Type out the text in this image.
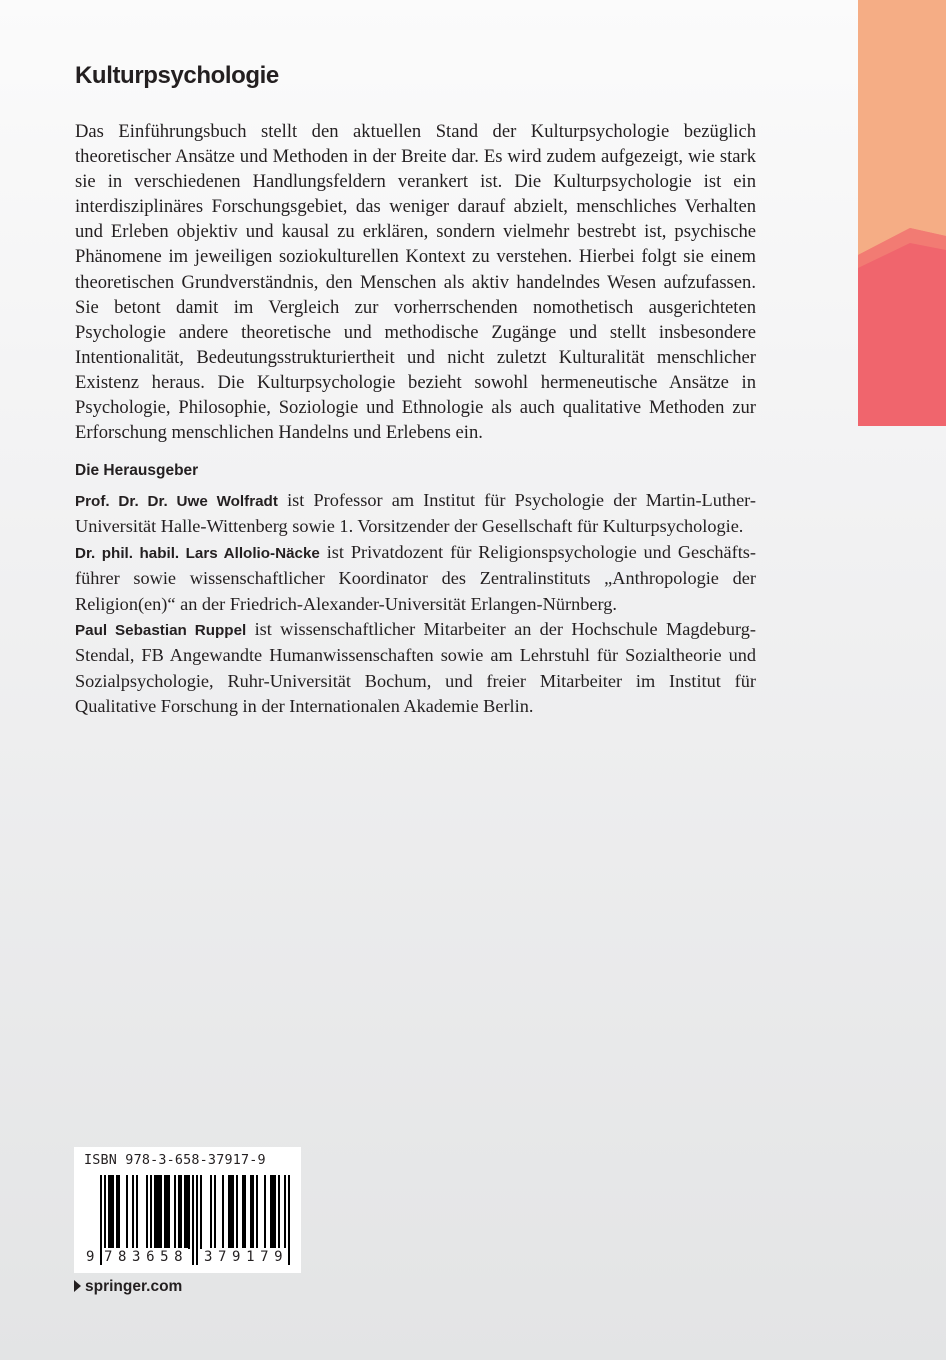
Kulturpsychologie

Das Einführungsbuch stellt den aktuellen Stand der Kulturpsychologie bezüglich theoretischer Ansätze und Methoden in der Breite dar. Es wird zudem aufgezeigt, wie stark sie in verschiedenen Handlungsfeldern verankert ist. Die Kulturpsychologie ist ein interdisziplinäres Forschungsgebiet, das weniger darauf abzielt, menschliches Verhalten und Erleben objektiv und kausal zu erklären, sondern vielmehr bestrebt ist, psychische Phänomene im jeweiligen soziokulturellen Kontext zu verstehen. Hierbei folgt sie einem theoretischen Grundverständnis, den Menschen als aktiv handelndes Wesen aufzufassen. Sie betont damit im Vergleich zur vorherrschenden nomothetisch ausgerichteten Psychologie andere theoretische und methodische Zugänge und stellt insbesondere Intentionalität, Bedeutungsstrukturiertheit und nicht zuletzt Kulturalität menschlicher Existenz heraus. Die Kulturpsychologie bezieht sowohl hermeneutische Ansätze in Psychologie, Philosophie, Soziologie und Ethnologie als auch qualitative Methoden zur Erforschung menschlichen Handelns und Erlebens ein.

Die Herausgeber

Prof. Dr. Dr. Uwe Wolfradt ist Professor am Institut für Psychologie der Martin-Luther-Universität Halle-Wittenberg sowie 1. Vorsitzender der Gesellschaft für Kulturpsychologie.

Dr. phil. habil. Lars Allolio-Näcke ist Privatdozent für Religionspsychologie und Geschäftsführer sowie wissenschaftlicher Koordinator des Zentralinstituts „Anthropologie der Religion(en)“ an der Friedrich-Alexander-Universität Erlangen-Nürnberg.

Paul Sebastian Ruppel ist wissenschaftlicher Mitarbeiter an der Hochschule Magdeburg-Stendal, FB Angewandte Humanwissenschaften sowie am Lehrstuhl für Sozialtheorie und Sozialpsychologie, Ruhr-Universität Bochum, und freier Mitarbeiter im Institut für Qualitative Forschung in der Internationalen Akademie Berlin.

ISBN 978-3-658-37917-9
9 783658 379179
springer.com
